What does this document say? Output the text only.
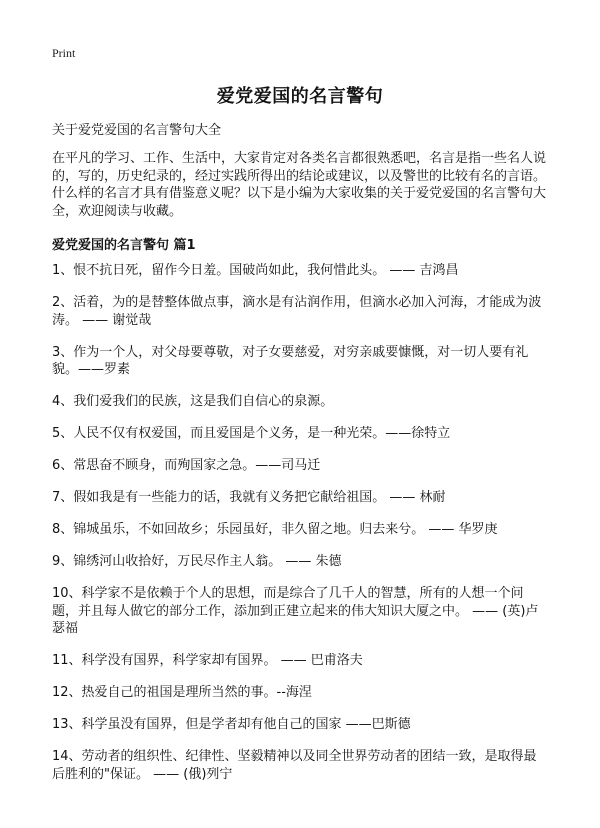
Print
爱党爱国的名言警句
关于爱党爱国的名言警句大全

在平凡的学习、工作、生活中，大家肯定对各类名言都很熟悉吧，名言是指一些名人说的，写的，历史纪录的，经过实践所得出的结论或建议，以及警世的比较有名的言语。什么样的名言才具有借鉴意义呢？以下是小编为大家收集的关于爱党爱国的名言警句大全，欢迎阅读与收藏。

爱党爱国的名言警句 篇1
1、恨不抗日死，留作今日羞。国破尚如此，我何惜此头。 —— 吉鸿昌
2、活着，为的是替整体做点事，滴水是有沾润作用，但滴水必加入河海，才能成为波涛。 —— 谢觉哉
3、作为一个人，对父母要尊敬，对子女要慈爱，对穷亲戚要慷慨，对一切人要有礼貌。——罗素
4、我们爱我们的民族，这是我们自信心的泉源。
5、人民不仅有权爱国，而且爱国是个义务，是一种光荣。——徐特立
6、常思奋不顾身，而殉国家之急。——司马迁
7、假如我是有一些能力的话，我就有义务把它献给祖国。 —— 林耐
8、锦城虽乐，不如回故乡；乐园虽好，非久留之地。归去来兮。 —— 华罗庚
9、锦绣河山收拾好，万民尽作主人翁。 —— 朱德
10、科学家不是依赖于个人的思想，而是综合了几千人的智慧，所有的人想一个问题，并且每人做它的部分工作，添加到正建立起来的伟大知识大厦之中。 —— (英)卢瑟福
11、科学没有国界，科学家却有国界。 —— 巴甫洛夫
12、热爱自己的祖国是理所当然的事。--海涅
13、科学虽没有国界，但是学者却有他自己的国家 ——巴斯德
14、劳动者的组织性、纪律性、坚毅精神以及同全世界劳动者的团结一致，是取得最后胜利的"保证。 —— (俄)列宁
